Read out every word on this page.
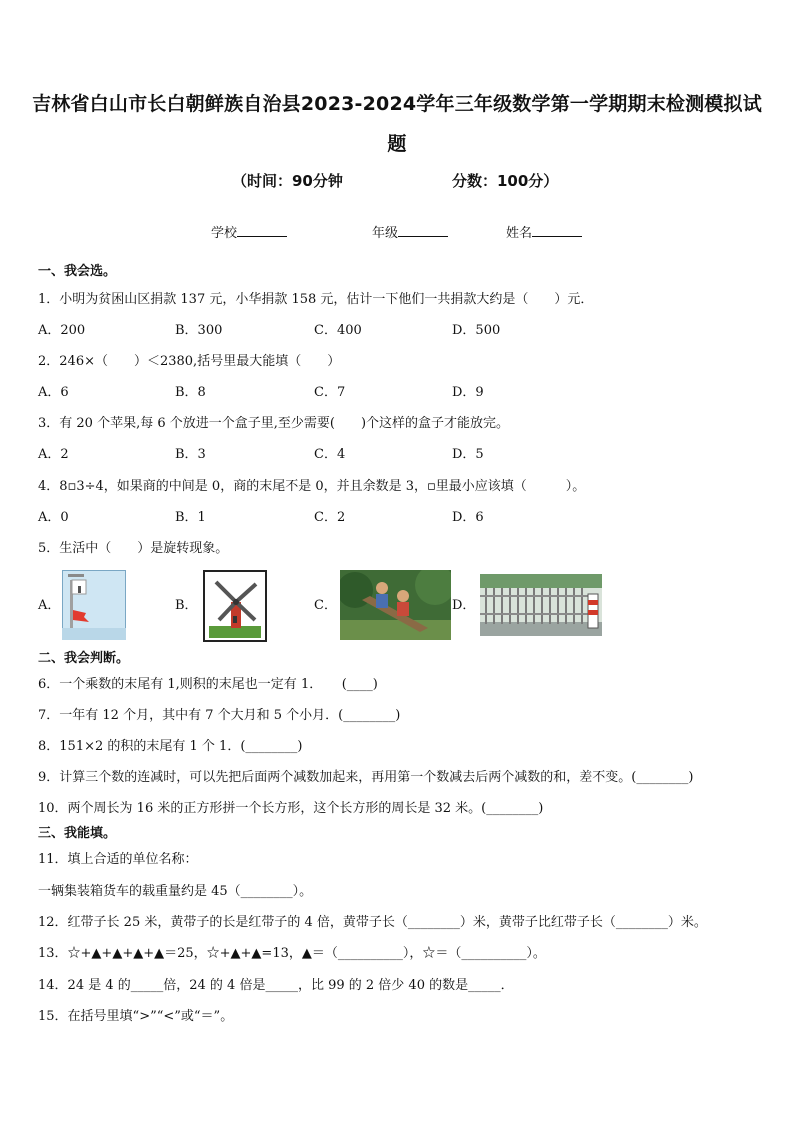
吉林省白山市长白朝鲜族自治县2023-2024学年三年级数学第一学期期末检测模拟试题
（时间：90分钟	分数：100分）
学校	年级	姓名
一、我会选。
1．小明为贫困山区捐款 137 元，小华捐款 158 元，估计一下他们一共捐款大约是（　　）元．
A．200	B．300	C．400	D．500
2．246×（　　）＜2380,括号里最大能填（　　）
A．6	B．8	C．7	D．9
3．有 20 个苹果,每 6 个放进一个盒子里,至少需要(　　)个这样的盒子才能放完。
A．2	B．3	C．4	D．5
4．8▫3÷4，如果商的中间是 0，商的末尾不是 0，并且余数是 3，▫里最小应该填（　　　）。
A．0	B．1	C．2	D．6
5．生活中（　　）是旋转现象。
A．	B．	C．	D．
二、我会判断。
6．一个乘数的末尾有 1,则积的末尾也一定有 1．　　(____)
7．一年有 12 个月，其中有 7 个大月和 5 个小月．(________)
8．151×2 的积的末尾有 1 个 1．(________)
9．计算三个数的连减时，可以先把后面两个减数加起来，再用第一个数减去后两个减数的和，差不变。(________)
10．两个周长为 16 米的正方形拼一个长方形，这个长方形的周长是 32 米。(________)
三、我能填。
11．填上合适的单位名称：
一辆集装箱货车的载重量约是 45（________）。
12．红带子长 25 米，黄带子的长是红带子的 4 倍，黄带子长（________）米，黄带子比红带子长（________）米。
13．☆+▲+▲+▲+▲＝25，☆+▲+▲=13，▲＝（__________），☆＝（__________）。
14．24 是 4 的_____倍，24 的 4 倍是_____，比 99 的 2 倍少 40 的数是_____．
15．在括号里填“>”“<”或“＝”。
